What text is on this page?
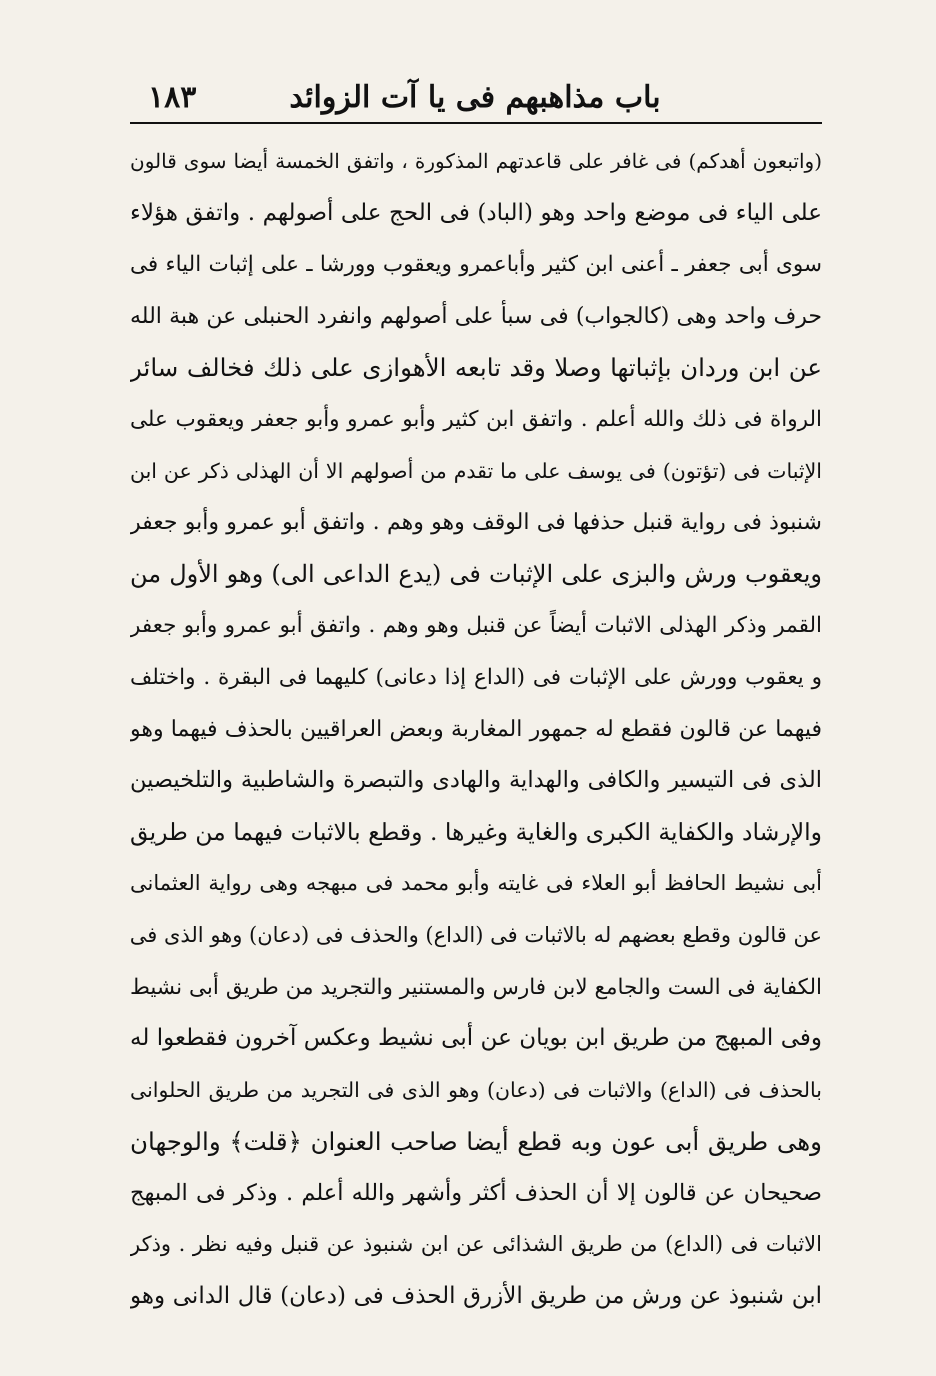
باب مذاهبهم فى يا آت الزوائد
١٨٣
(واتبعون أهدكم) فى غافر على قاعدتهم المذكورة ، واتفق الخمسة أيضا سوى قالون
على الياء فى موضع واحد وهو (الباد) فى الحج على أصولهم . واتفق هؤلاء
سوى أبى جعفر ـ أعنى ابن كثير وأباعمرو ويعقوب وورشا ـ على إثبات الياء فى
حرف واحد وهى (كالجواب) فى سبأ على أصولهم وانفرد الحنبلى عن هبة الله
عن ابن وردان بإثباتها وصلا وقد تابعه الأهوازى على ذلك فخالف سائر
الرواة فى ذلك والله أعلم . واتفق ابن كثير وأبو عمرو وأبو جعفر ويعقوب على
الإثبات فى (تؤتون) فى يوسف على ما تقدم من أصولهم الا أن الهذلى ذكر عن ابن
شنبوذ فى رواية قنبل حذفها فى الوقف وهو وهم . واتفق أبو عمرو وأبو جعفر
ويعقوب ورش والبزى على الإثبات فى (يدع الداعى الى) وهو الأول من
القمر وذكر الهذلى الاثبات أيضاً عن قنبل وهو وهم . واتفق أبو عمرو وأبو جعفر
و يعقوب وورش على الإثبات فى (الداع إذا دعانى) كليهما فى البقرة . واختلف
فيهما عن قالون فقطع له جمهور المغاربة وبعض العراقيين بالحذف فيهما وهو
الذى فى التيسير والكافى والهداية والهادى والتبصرة والشاطبية والتلخيصين
والإرشاد والكفاية الكبرى والغاية وغيرها . وقطع بالاثبات فيهما من طريق
أبى نشيط الحافظ أبو العلاء فى غايته وأبو محمد فى مبهجه وهى رواية العثمانى
عن قالون وقطع بعضهم له بالاثبات فى (الداع) والحذف فى (دعان) وهو الذى فى
الكفاية فى الست والجامع لابن فارس والمستنير والتجريد من طريق أبى نشيط
وفى المبهج من طريق ابن بويان عن أبى نشيط وعكس آخرون فقطعوا له
بالحذف فى (الداع) والاثبات فى (دعان) وهو الذى فى التجريد من طريق الحلوانى
وهى طريق أبى عون وبه قطع أيضا صاحب العنوان ﴿قلت﴾ والوجهان
صحيحان عن قالون إلا أن الحذف أكثر وأشهر والله أعلم . وذكر فى المبهج
الاثبات فى (الداع) من طريق الشذائى عن ابن شنبوذ عن قنبل وفيه نظر . وذكر
ابن شنبوذ عن ورش من طريق الأزرق الحذف فى (دعان) قال الدانى وهو
